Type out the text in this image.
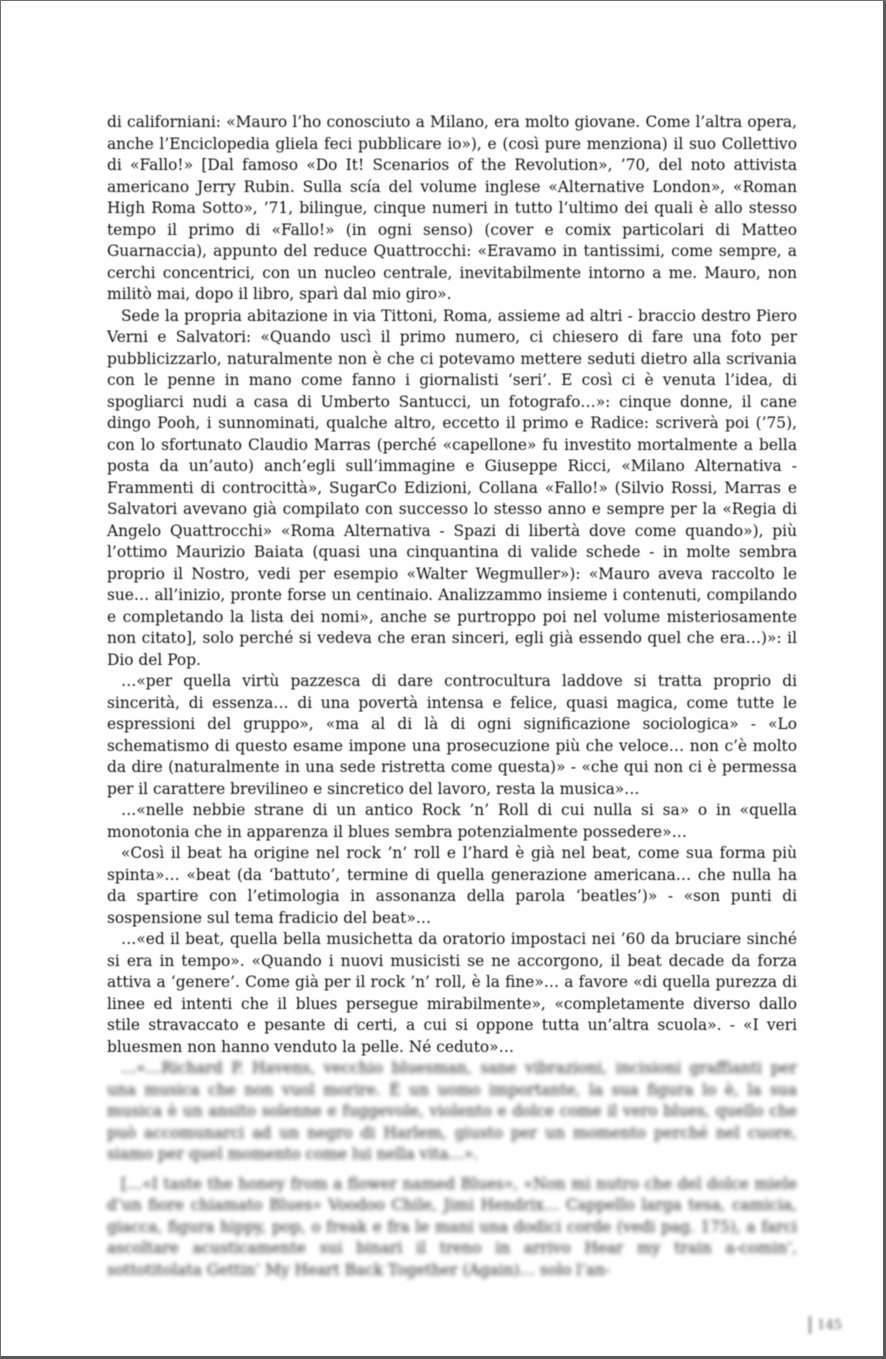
di californiani: «Mauro l’ho conosciuto a Milano, era molto giovane. Come l’altra opera, anche l’Enciclopedia gliela feci pubblicare io»), e (così pure menziona) il suo Collettivo di «Fallo!» [Dal famoso «Do It! Scenarios of the Revolution», ’70, del noto attivista americano Jerry Rubin. Sulla scía del volume inglese «Alternative London», «Roman High Roma Sotto», ’71, bilingue, cinque numeri in tutto l’ultimo dei quali è allo stesso tempo il primo di «Fallo!» (in ogni senso) (cover e comix particolari di Matteo Guarnaccia), appunto del reduce Quattrocchi: «Eravamo in tantissimi, come sempre, a cerchi concentrici, con un nucleo centrale, inevitabilmente intorno a me. Mauro, non militò mai, dopo il libro, sparì dal mio giro».

Sede la propria abitazione in via Tittoni, Roma, assieme ad altri - braccio destro Piero Verni e Salvatori: «Quando uscì il primo numero, ci chiesero di fare una foto per pubblicizzarlo, naturalmente non è che ci potevamo mettere seduti dietro alla scrivania con le penne in mano come fanno i giornalisti ‘seri’. E così ci è venuta l’idea, di spogliarci nudi a casa di Umberto Santucci, un fotografo…»: cinque donne, il cane dingo Pooh, i sunnominati, qualche altro, eccetto il primo e Radice: scriverà poi (’75), con lo sfortunato Claudio Marras (perché «capellone» fu investito mortalmente a bella posta da un’auto) anch’egli sull’immagine e Giuseppe Ricci, «Milano Alternativa - Frammenti di controcittà», SugarCo Edizioni, Collana «Fallo!» (Silvio Rossi, Marras e Salvatori avevano già compilato con successo lo stesso anno e sempre per la «Regia di Angelo Quattrocchi» «Roma Alternativa - Spazi di libertà dove come quando»), più l’ottimo Maurizio Baiata (quasi una cinquantina di valide schede - in molte sembra proprio il Nostro, vedi per esempio «Walter Wegmuller»): «Mauro aveva raccolto le sue… all’inizio, pronte forse un centinaio. Analizzammo insieme i contenuti, compilando e completando la lista dei nomi», anche se purtroppo poi nel volume misteriosamente non citato], solo perché si vedeva che eran sinceri, egli già essendo quel che era…)»: il Dio del Pop.

…«per quella virtù pazzesca di dare controcultura laddove si tratta proprio di sincerità, di essenza… di una povertà intensa e felice, quasi magica, come tutte le espressioni del gruppo», «ma al di là di ogni significazione sociologica» - «Lo schematismo di questo esame impone una prosecuzione più che veloce… non c’è molto da dire (naturalmente in una sede ristretta come questa)» - «che qui non ci è permessa per il carattere brevilineo e sincretico del lavoro, resta la musica»…

…«nelle nebbie strane di un antico Rock ’n’ Roll di cui nulla si sa» o in «quella monotonia che in apparenza il blues sembra potenzialmente possedere»…

«Così il beat ha origine nel rock ’n’ roll e l’hard è già nel beat, come sua forma più spinta»… «beat (da ‘battuto’, termine di quella generazione americana… che nulla ha da spartire con l’etimologia in assonanza della parola ‘beatles’)» - «son punti di sospensione sul tema fradicio del beat»…

…«ed il beat, quella bella musichetta da oratorio impostaci nei ’60 da bruciare sinché si era in tempo». «Quando i nuovi musicisti se ne accorgono, il beat decade da forza attiva a ‘genere’. Come già per il rock ’n’ roll, è la fine»… a favore «di quella purezza di linee ed intenti che il blues persegue mirabilmente», «completamente diverso dallo stile stravaccato e pesante di certi, a cui si oppone tutta un’altra scuola». - «I veri bluesmen non hanno venduto la pelle. Né ceduto»…

…«…Richard P. Havens, vecchio bluesman, sane vibrazioni, incisioni graffianti per una musica che non vuol morire. È un uomo importante, la sua figura lo è, la sua musica è un ansito solenne e fuggevole, violento e dolce come il vero blues, quello che può accomunarci ad un negro di Harlem, giusto per un momento perché nel cuore, siamo per quel momento come lui nella vita…».

[…«I taste the honey from a flower named Blues», «Non mi nutro che del dolce miele d’un fiore chiamato Blues» Voodoo Chile, Jimi Hendrix… Cappello larga tesa, camicia, giacca, figura hippy, pop, o freak e fra le mani una dodici corde (vedi pag. 175), a farci ascoltare acusticamente sui binari il treno in arrivo Hear my train a-comin’, sottotitolata Gettin’ My Heart Back Together (Again)… solo l’an-

145
